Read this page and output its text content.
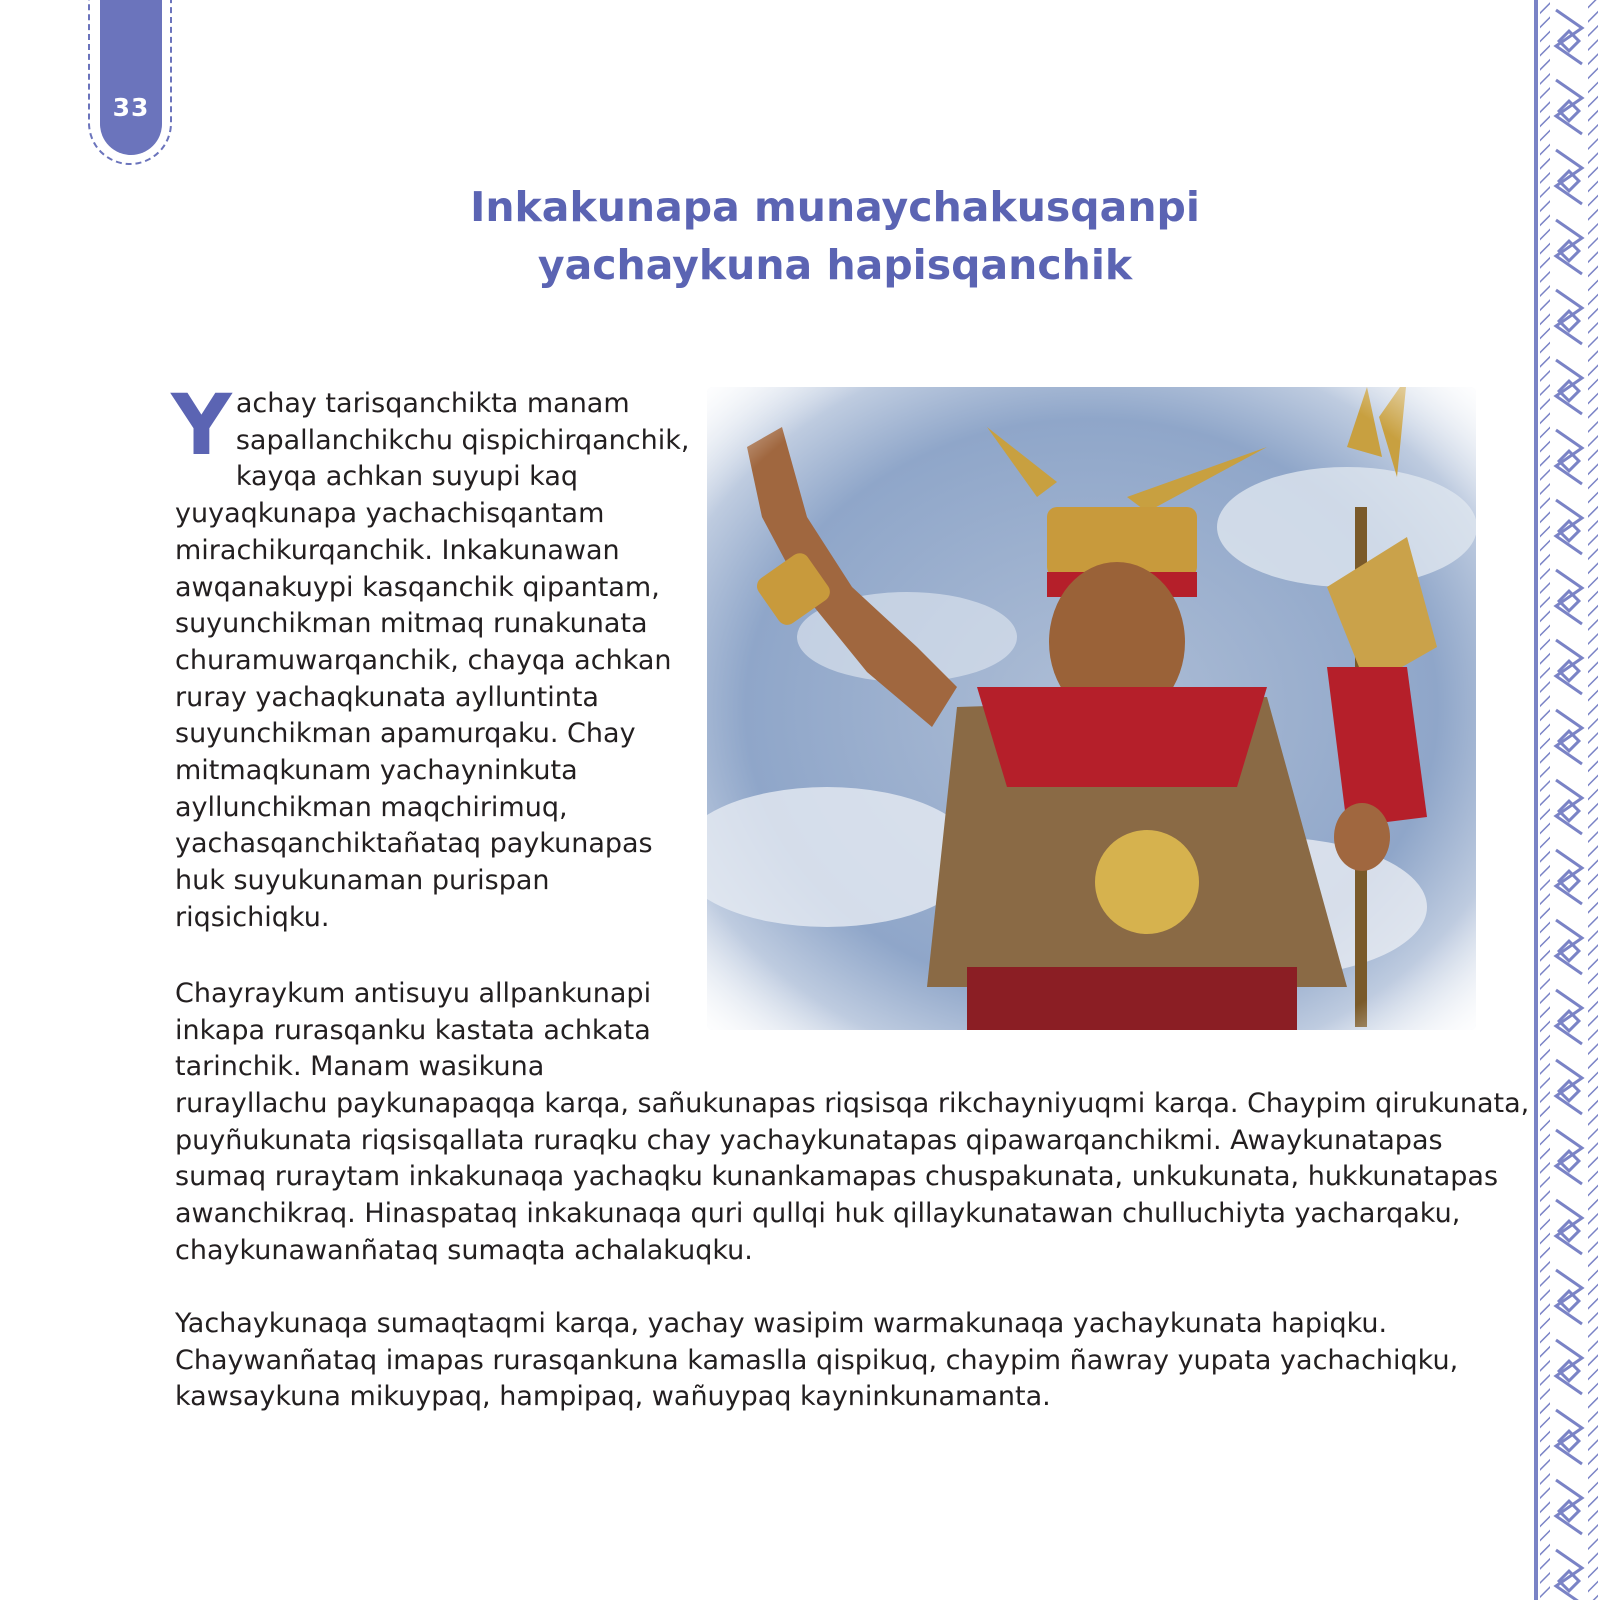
33
Inkakunapa munaychakusqanpi
yachaykuna hapisqanchik
Y achay tarisqanchikta manam
sapallanchikchu qispichirqanchik,
kayqa achkan suyupi kaq
yuyaqkunapa yachachisqantam
mirachikurqanchik. Inkakunawan
awqanakuypi kasqanchik qipantam,
suyunchikman mitmaq runakunata
churamuwarqanchik, chayqa achkan
ruray yachaqkunata aylluntinta
suyunchikman apamurqaku. Chay
mitmaqkunam yachayninkuta
ayllunchikman maqchirimuq,
yachasqanchiktañataq paykunapas
huk suyukunaman purispan
riqsichiqku.
Chayraykum antisuyu allpankunapi
inkapa rurasqanku kastata achkata
tarinchik. Manam wasikuna
rurayllachu paykunapaqqa karqa, sañukunapas riqsisqa rikchayniyuqmi karqa. Chaypim qirukunata,
puyñukunata riqsisqallata ruraqku chay yachaykunatapas qipawarqanchikmi. Awaykunatapas
sumaq ruraytam inkakunaqa yachaqku kunankamapas chuspakunata, unkukunata, hukkunatapas
awanchikraq. Hinaspataq inkakunaqa quri qullqi huk qillaykunatawan chulluchiyta yacharqaku,
chaykunawanñataq sumaqta achalakuqku.
Yachaykunaqa sumaqtaqmi karqa, yachay wasipim warmakunaqa yachaykunata hapiqku.
Chaywanñataq imapas rurasqankuna kamaslla qispikuq, chaypim ñawray yupata yachachiqku,
kawsaykuna mikuypaq, hampipaq, wañuypaq kayninkunamanta.
